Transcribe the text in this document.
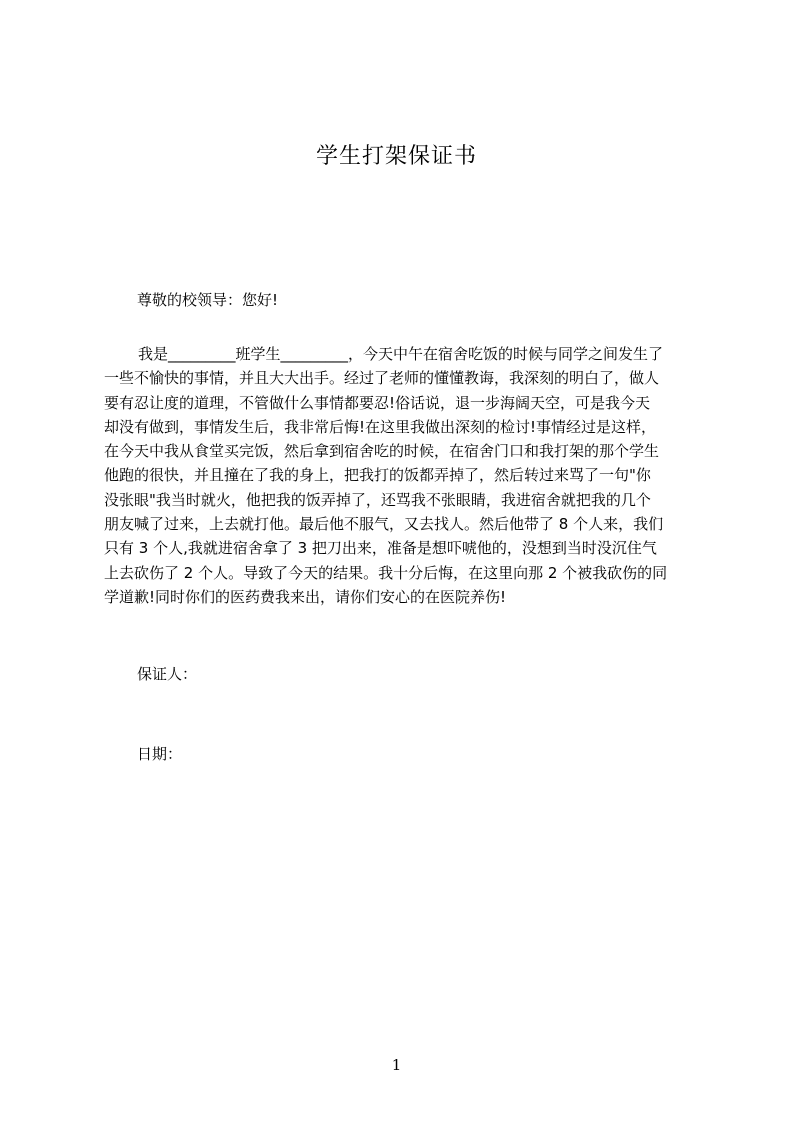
学生打架保证书
尊敬的校领导：您好!
我是_________班学生_________，今天中午在宿舍吃饭的时候与同学之间发生了
一些不愉快的事情，并且大大出手。经过了老师的懂懂教诲，我深刻的明白了，做人
要有忍让度的道理，不管做什么事情都要忍!俗话说，退一步海阔天空，可是我今天
却没有做到，事情发生后，我非常后悔!在这里我做出深刻的检讨!事情经过是这样，
在今天中我从食堂买完饭，然后拿到宿舍吃的时候，在宿舍门口和我打架的那个学生
他跑的很快，并且撞在了我的身上，把我打的饭都弄掉了，然后转过来骂了一句"你
没张眼"我当时就火，他把我的饭弄掉了，还骂我不张眼睛，我进宿舍就把我的几个
朋友喊了过来，上去就打他。最后他不服气，又去找人。然后他带了 8 个人来，我们
只有 3 个人,我就进宿舍拿了 3 把刀出来，准备是想吓唬他的，没想到当时没沉住气
上去砍伤了 2 个人。导致了今天的结果。我十分后悔，在这里向那 2 个被我砍伤的同
学道歉!同时你们的医药费我来出，请你们安心的在医院养伤!
保证人：
日期：
1
